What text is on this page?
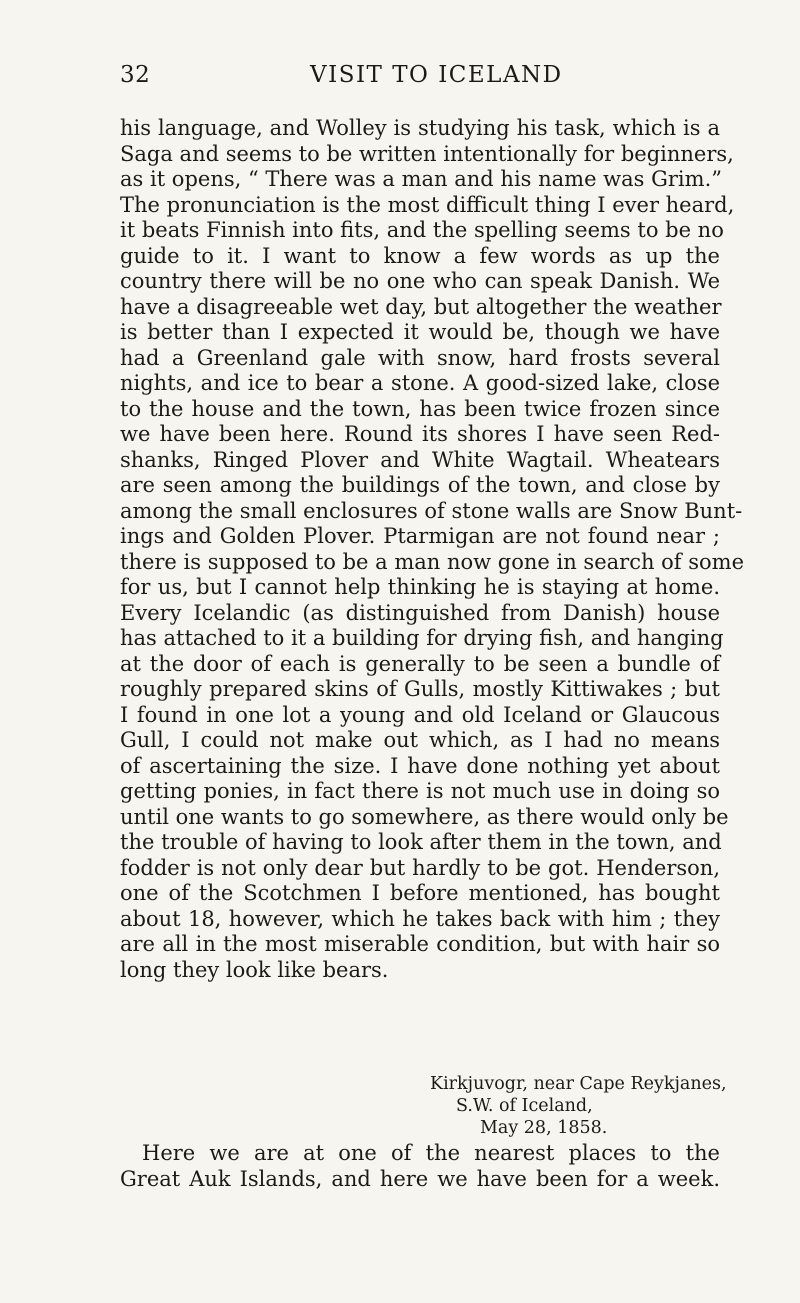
32	VISIT TO ICELAND
his language, and Wolley is studying his task, which is a
Saga and seems to be written intentionally for beginners,
as it opens, “ There was a man and his name was Grim.”
The pronunciation is the most difficult thing I ever heard,
it beats Finnish into fits, and the spelling seems to be no
guide to it. I want to know a few words as up the
country there will be no one who can speak Danish. We
have a disagreeable wet day, but altogether the weather
is better than I expected it would be, though we have
had a Greenland gale with snow, hard frosts several
nights, and ice to bear a stone. A good-sized lake, close
to the house and the town, has been twice frozen since
we have been here. Round its shores I have seen Red-
shanks, Ringed Plover and White Wagtail. Wheatears
are seen among the buildings of the town, and close by
among the small enclosures of stone walls are Snow Bunt-
ings and Golden Plover. Ptarmigan are not found near ;
there is supposed to be a man now gone in search of some
for us, but I cannot help thinking he is staying at home.
Every Icelandic (as distinguished from Danish) house
has attached to it a building for drying fish, and hanging
at the door of each is generally to be seen a bundle of
roughly prepared skins of Gulls, mostly Kittiwakes ; but
I found in one lot a young and old Iceland or Glaucous
Gull, I could not make out which, as I had no means
of ascertaining the size. I have done nothing yet about
getting ponies, in fact there is not much use in doing so
until one wants to go somewhere, as there would only be
the trouble of having to look after them in the town, and
fodder is not only dear but hardly to be got. Henderson,
one of the Scotchmen I before mentioned, has bought
about 18, however, which he takes back with him ; they
are all in the most miserable condition, but with hair so
long they look like bears.
Kirkjuvogr, near Cape Reykjanes,
S.W. of Iceland,
May 28, 1858.
Here we are at one of the nearest places to the
Great Auk Islands, and here we have been for a week.
